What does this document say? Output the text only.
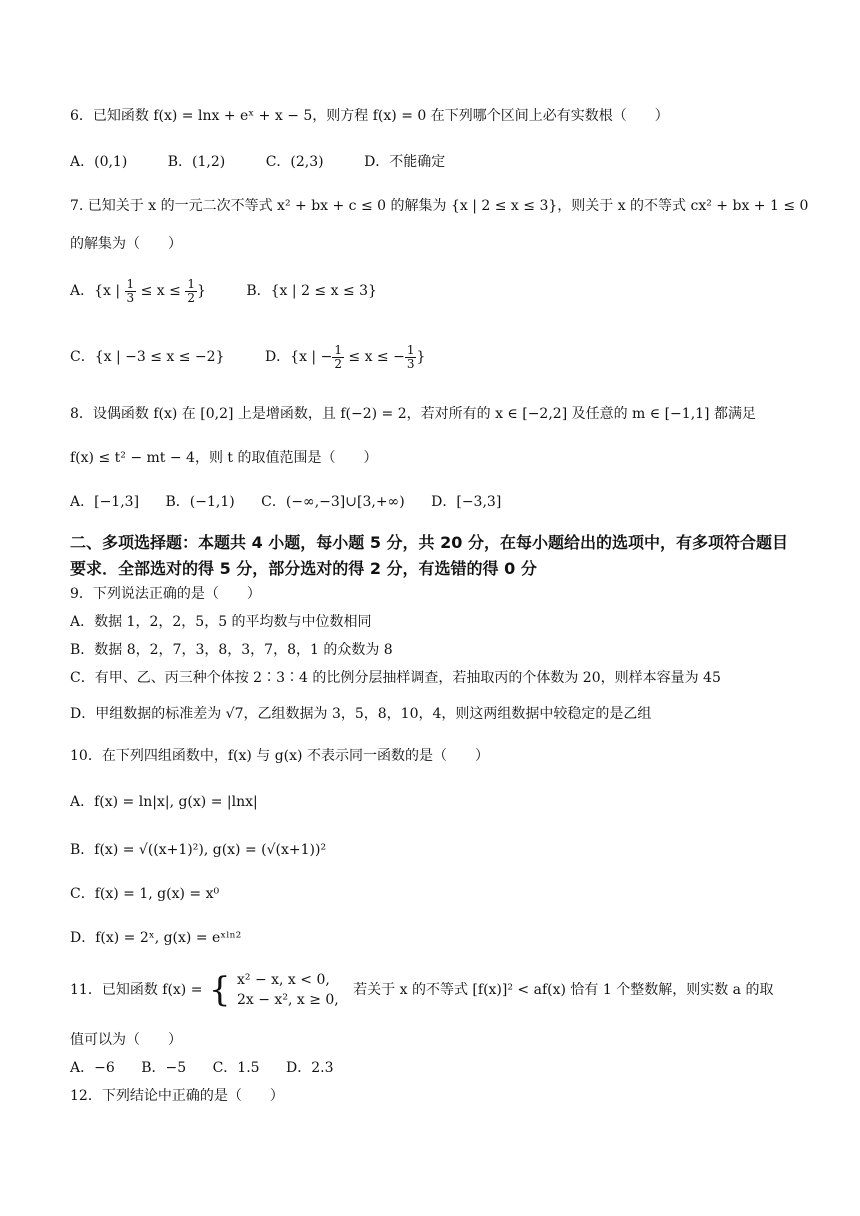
6．已知函数 f(x) = lnx + eˣ + x − 5，则方程 f(x) = 0 在下列哪个区间上必有实数根（　　）
A．(0,1)	B．(1,2)	C．(2,3)	D．不能确定
7. 已知关于 x 的一元二次不等式 x² + bx + c ≤ 0 的解集为 {x | 2 ≤ x ≤ 3}，则关于 x 的不等式 cx² + bx + 1 ≤ 0
的解集为（　　）
A．{x | $\frac{1}{3} \le x \le \frac{1}{2}$ }	B．{x | 2 ≤ x ≤ 3}
C．{x | −3 ≤ x ≤ −2}	D．{x | − $\frac{1}{2} \le x$ ≤ − $\frac{1}{3}$ }
8．设偶函数 f(x) 在 [0,2] 上是增函数，且 f(−2) = 2，若对所有的 x ∈ [−2,2] 及任意的 m ∈ [−1,1] 都满足
f(x) ≤ t² − mt − 4，则 t 的取值范围是（　　）
A．[−1,3] B．(−1,1) C．(−∞,−3]∪[3,+∞) D．[−3,3]
二、多项选择题：本题共 4 小题，每小题 5 分，共 20 分，在每小题给出的选项中，有多项符合题目要求．全部选对的得 5 分，部分选对的得 2 分，有选错的得 0 分
9．下列说法正确的是（　　）
A．数据 1，2，2，5，5 的平均数与中位数相同
B．数据 8，2，7，3，8，3，7，8，1 的众数为 8
C．有甲、乙、丙三种个体按 2∶3∶4 的比例分层抽样调查，若抽取丙的个体数为 20，则样本容量为 45
D．甲组数据的标准差为 √7，乙组数据为 3，5，8，10，4，则这两组数据中较稳定的是乙组
10．在下列四组函数中，f(x) 与 g(x) 不表示同一函数的是（　　）
A．f(x) = ln|x|, g(x) = |lnx|
B．f(x) = √((x+1)²), g(x) = (√(x+1))²
C．f(x) = 1, g(x) = x⁰
D．f(x) = 2ˣ, g(x) = eˣˡⁿ²
11．已知函数 f(x) = { x² − x, x < 0,
2x − x², x ≥ 0,
若关于 x 的不等式 [f(x)]² < af(x) 恰有 1 个整数解，则实数 a 的取
值可以为（　　）
A．−6 B．−5 C．1.5 D．2.3
12．下列结论中正确的是（　　）
